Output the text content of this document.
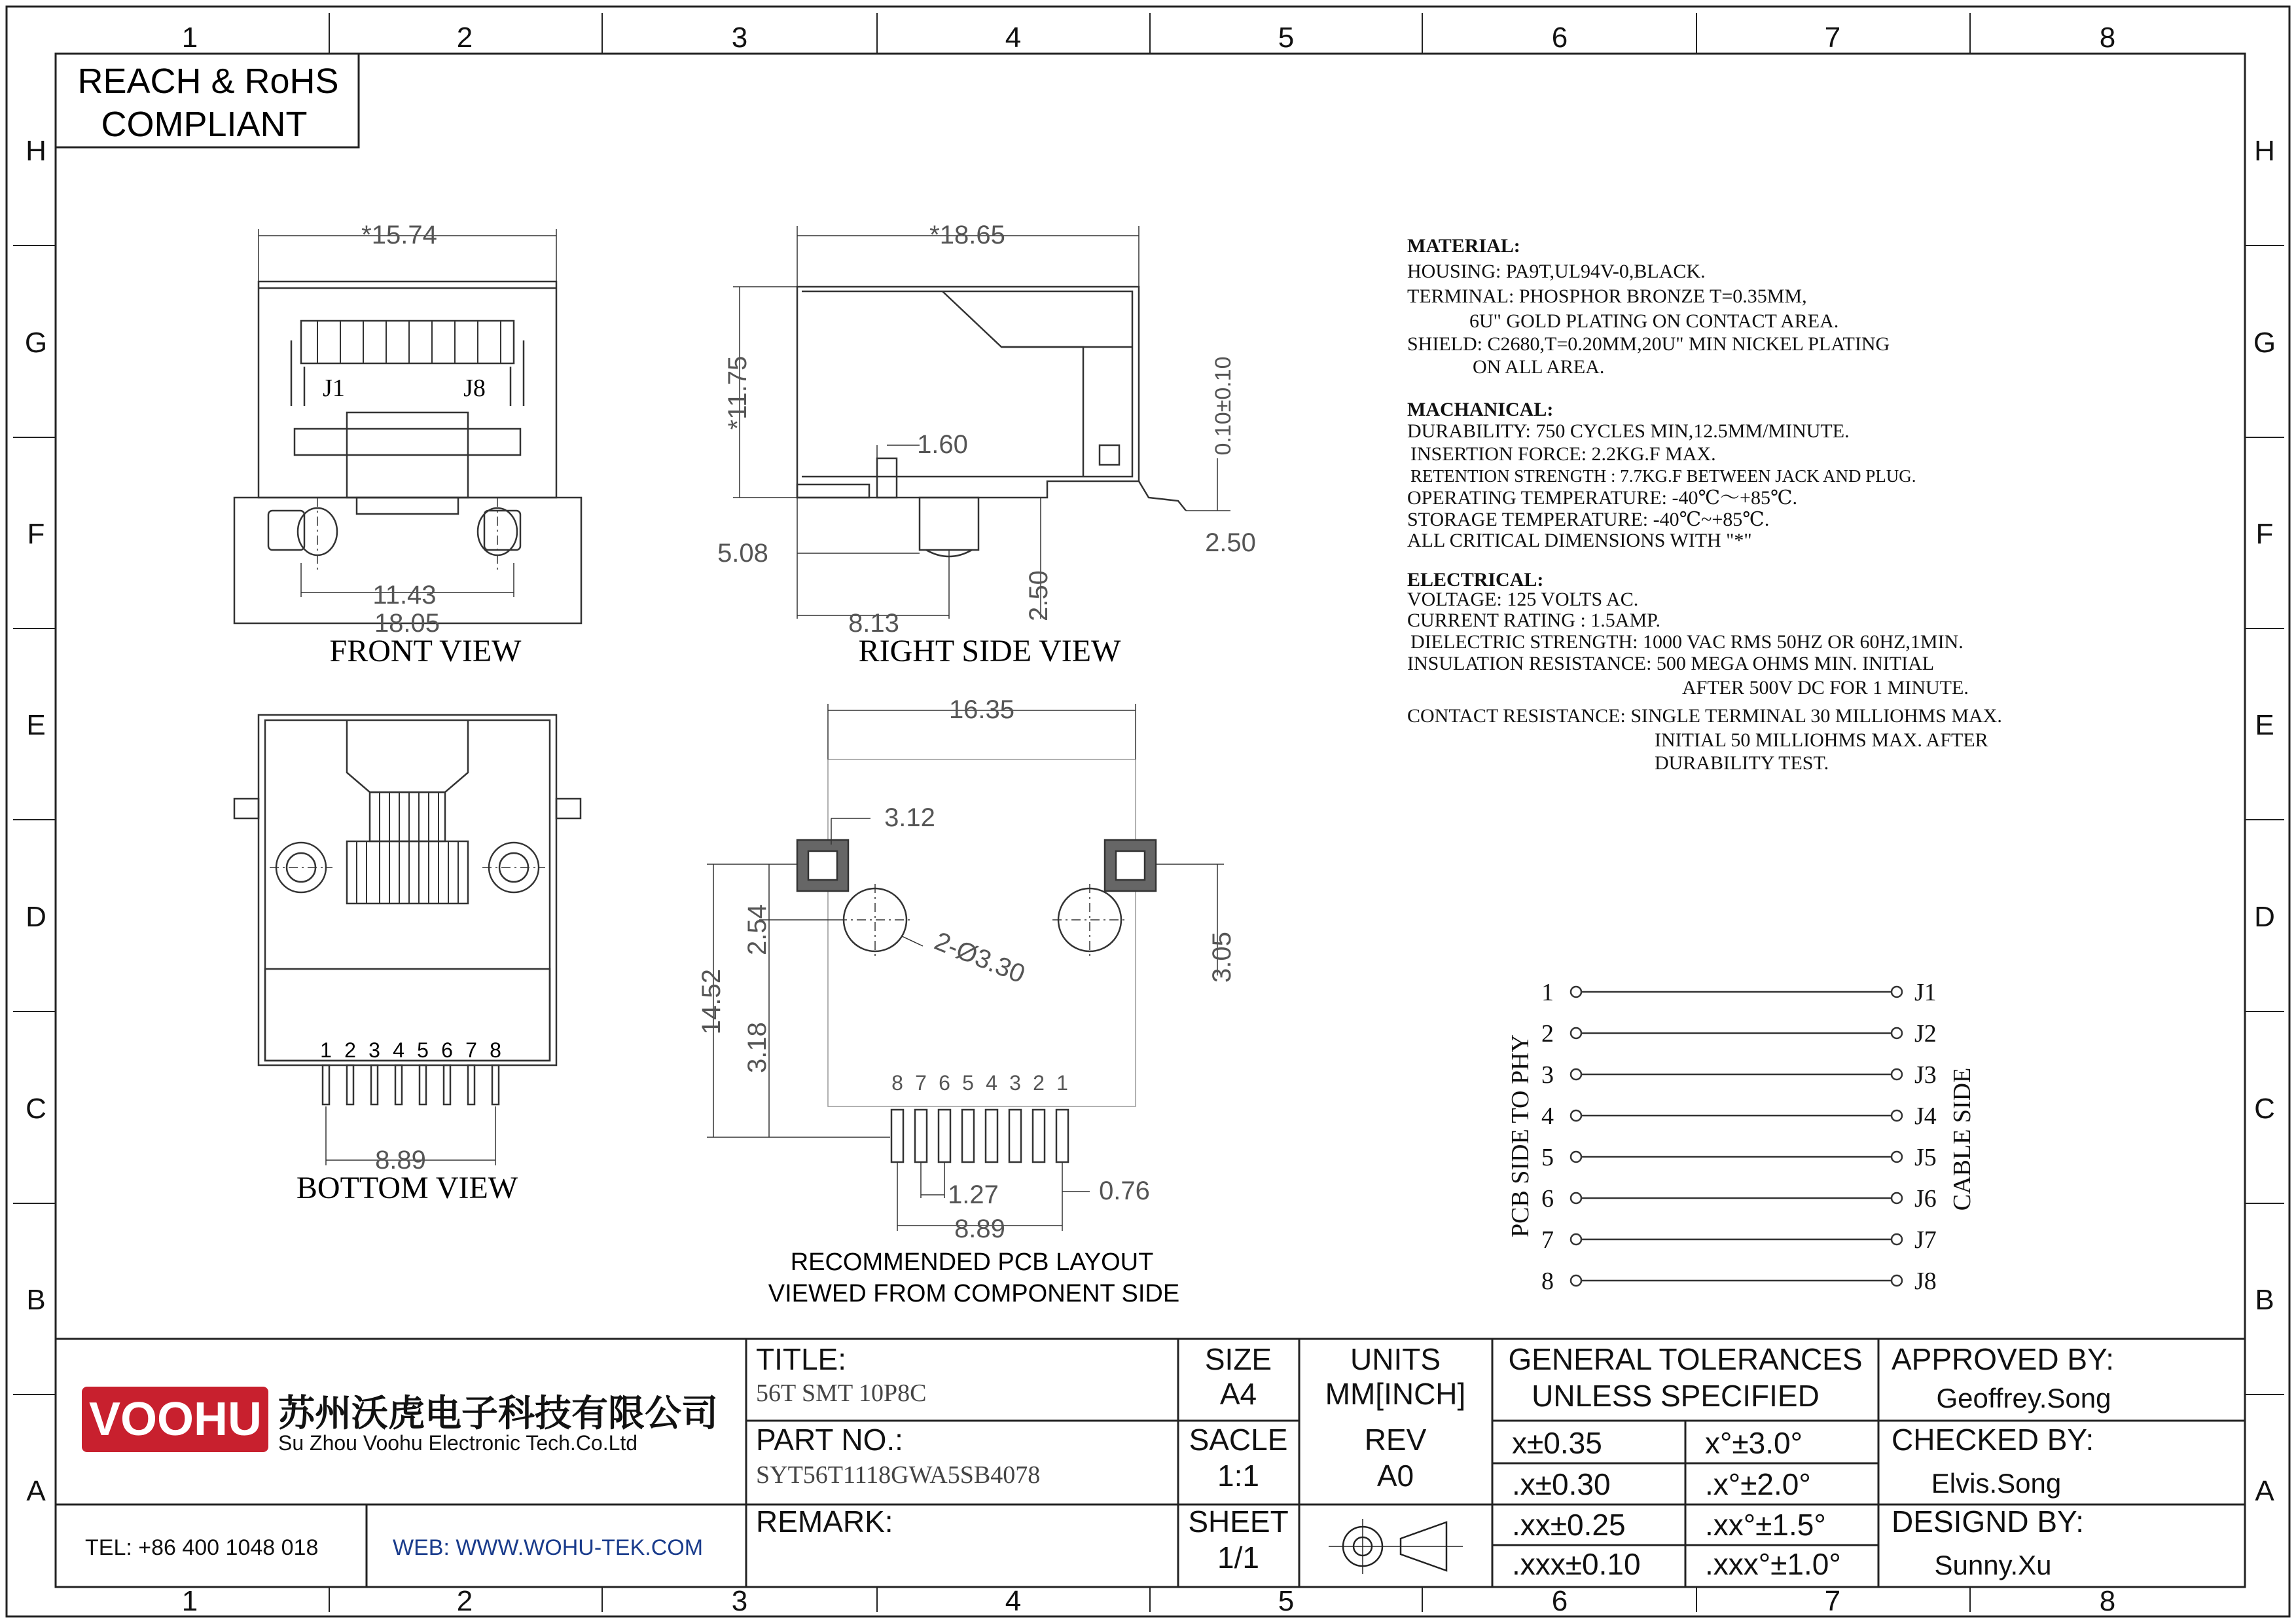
1	2	3	4	5	6	7	8
1	2	3	4	5	6	7	8
H
G
F
E
D
C
B
A
H
G
F
E
D
C
B
A
REACH & RoHS
COMPLIANT
*15.74
11.43
18.05
J1	J8
FRONT VIEW
*18.65
*11.75
1.60	0.10±0.10
5.08
8.13
2.50
2.50
RIGHT SIDE VIEW
1 2 3 4 5 6 7 8
8.89
BOTTOM VIEW
16.35
3.12
14.52
2.54
3.18
2-Ø3.30	3.05
1.27	0.76
8.89
8 7 6 5 4 3 2 1
RECOMMENDED PCB LAYOUT
VIEWED FROM COMPONENT SIDE
MATERIAL:
HOUSING: PA9T,UL94V-0,BLACK.
TERMINAL: PHOSPHOR BRONZE T=0.35MM,
6U" GOLD PLATING ON CONTACT AREA.
SHIELD: C2680,T=0.20MM,20U" MIN NICKEL PLATING
ON ALL AREA.
MACHANICAL:
DURABILITY: 750 CYCLES MIN,12.5MM/MINUTE.
INSERTION FORCE: 2.2KG.F MAX.
RETENTION STRENGTH : 7.7KG.F BETWEEN JACK AND PLUG.
OPERATING TEMPERATURE: -40℃～+85℃.
STORAGE TEMPERATURE: -40℃~+85℃.
ALL CRITICAL DIMENSIONS WITH "*"
ELECTRICAL:
VOLTAGE: 125 VOLTS AC.
CURRENT RATING : 1.5AMP.
DIELECTRIC STRENGTH: 1000 VAC RMS 50HZ OR 60HZ,1MIN.
INSULATION RESISTANCE: 500 MEGA OHMS MIN. INITIAL
AFTER 500V DC FOR 1 MINUTE.
CONTACT RESISTANCE: SINGLE TERMINAL 30 MILLIOHMS MAX.
INITIAL 50 MILLIOHMS MAX. AFTER
DURABILITY TEST.
1
2
3
4
5
6
7
8
J1
J2
J3
J4
J5
J6
J7
J8
PCB SIDE TO PHY	CABLE SIDE
VOOHU 苏州沃虎电子科技有限公司
Su Zhou Voohu Electronic Tech.Co.Ltd
TEL: +86 400 1048 018	WEB: WWW.WOHU-TEK.COM
TITLE:
56T SMT 10P8C
PART NO.:
SYT56T1118GWA5SB4078
REMARK:
SIZE
A4
SACLE
1:1
SHEET
1/1
UNITS
MM[INCH]
REV
A0
GENERAL TOLERANCES
UNLESS SPECIFIED
x±0.35	x°±3.0°
.x±0.30	.x°±2.0°
.xx±0.25	.xx°±1.5°
.xxx±0.10 .xxx°±1.0°
APPROVED BY:
Geoffrey.Song
CHECKED BY:
Elvis.Song
DESIGND BY:
Sunny.Xu
